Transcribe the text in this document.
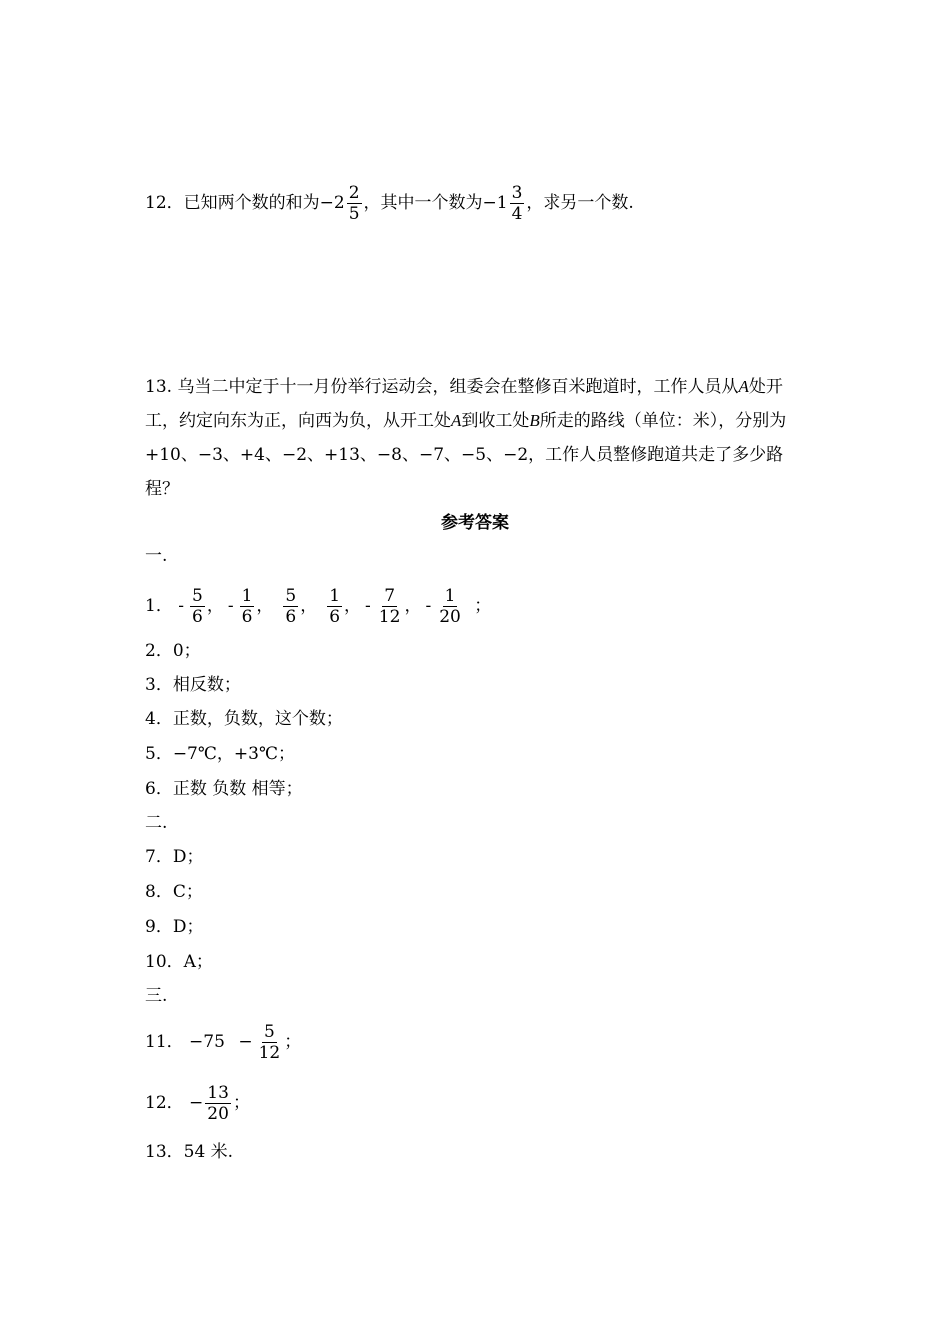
12．已知两个数的和为$-2 \frac{2}{5}$ ，其中一个数为$-1 \frac{3}{4}$ ，求另一个数.
13. 乌当二中定于十一月份举行运动会，组委会在整修百米跑道时，工作人员从A处开工，约定向东为正，向西为负，从开工处A到收工处B所走的路线（单位：米），分别为+10、−3、+4、−2、+13、−8、−7、−5、−2，工作人员整修跑道共走了多少路程？
参考答案
一.
1． - $\frac{5}{6}$ ， - $\frac{1}{6}$ ， $\frac{5}{6}$ ， $\frac{1}{6}$ ， - $\frac{7}{12}$ ， - $\frac{1}{20}$ ；
2．0；
3．相反数；
4．正数，负数，这个数；
5．−7℃，+3℃；
6．正数 负数 相等；
二.
7．D；
8．C；
9．D；
10．A；
三.
11． $-75 - \frac{5}{12}$ ；
12． − $\frac{13}{20}$ ；
13．54 米.
